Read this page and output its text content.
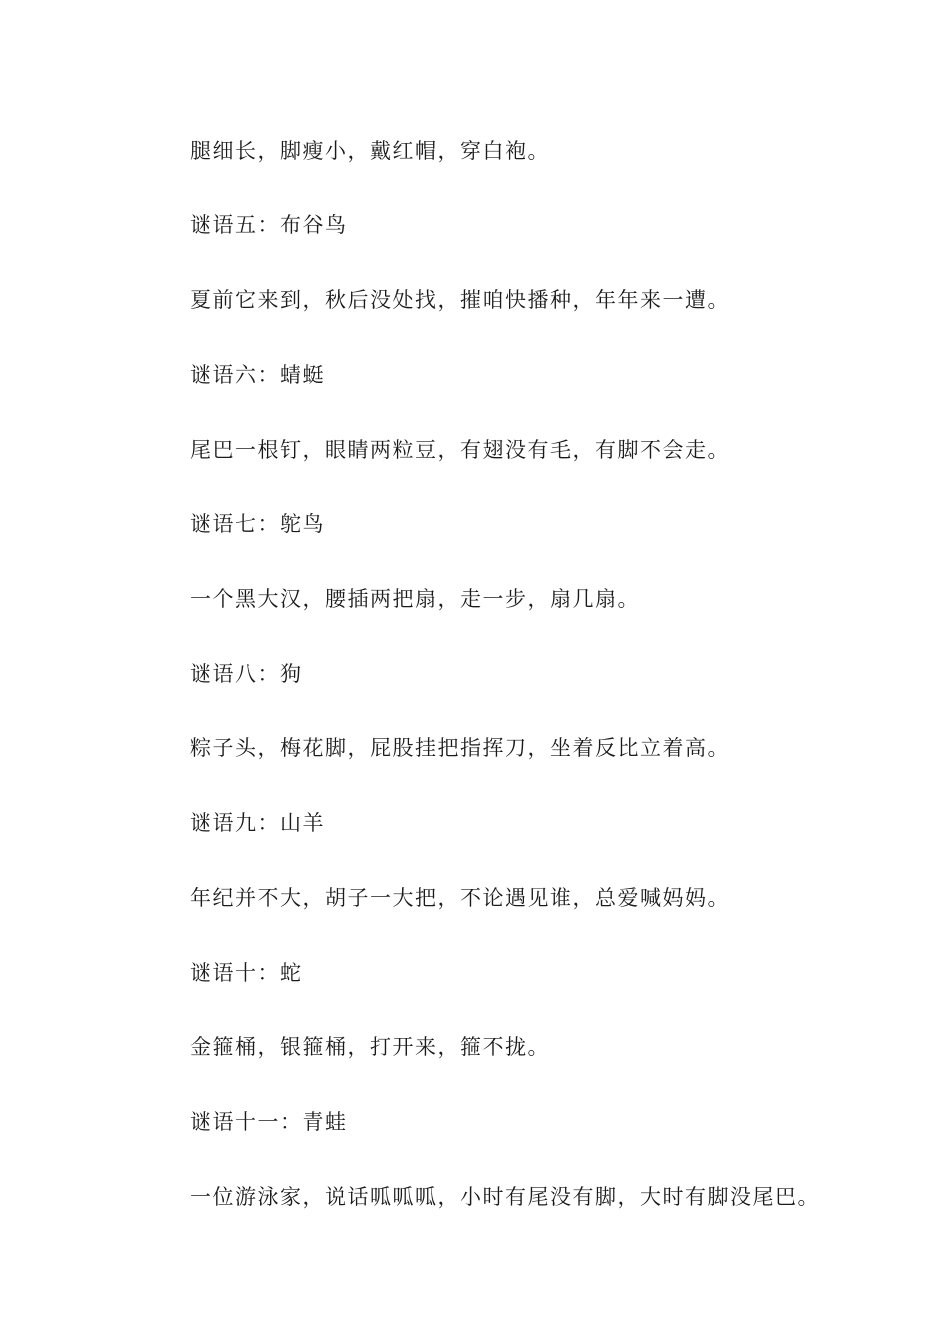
腿细长，脚瘦小，戴红帽，穿白袍。
谜语五：布谷鸟
夏前它来到，秋后没处找，摧咱快播种，年年来一遭。
谜语六：蜻蜓
尾巴一根钉，眼睛两粒豆，有翅没有毛，有脚不会走。
谜语七：鸵鸟
一个黑大汉，腰插两把扇，走一步，扇几扇。
谜语八：狗
粽子头，梅花脚，屁股挂把指挥刀，坐着反比立着高。
谜语九：山羊
年纪并不大，胡子一大把，不论遇见谁，总爱喊妈妈。
谜语十：蛇
金箍桶，银箍桶，打开来，箍不拢。
谜语十一：青蛙
一位游泳家，说话呱呱呱，小时有尾没有脚，大时有脚没尾巴。
